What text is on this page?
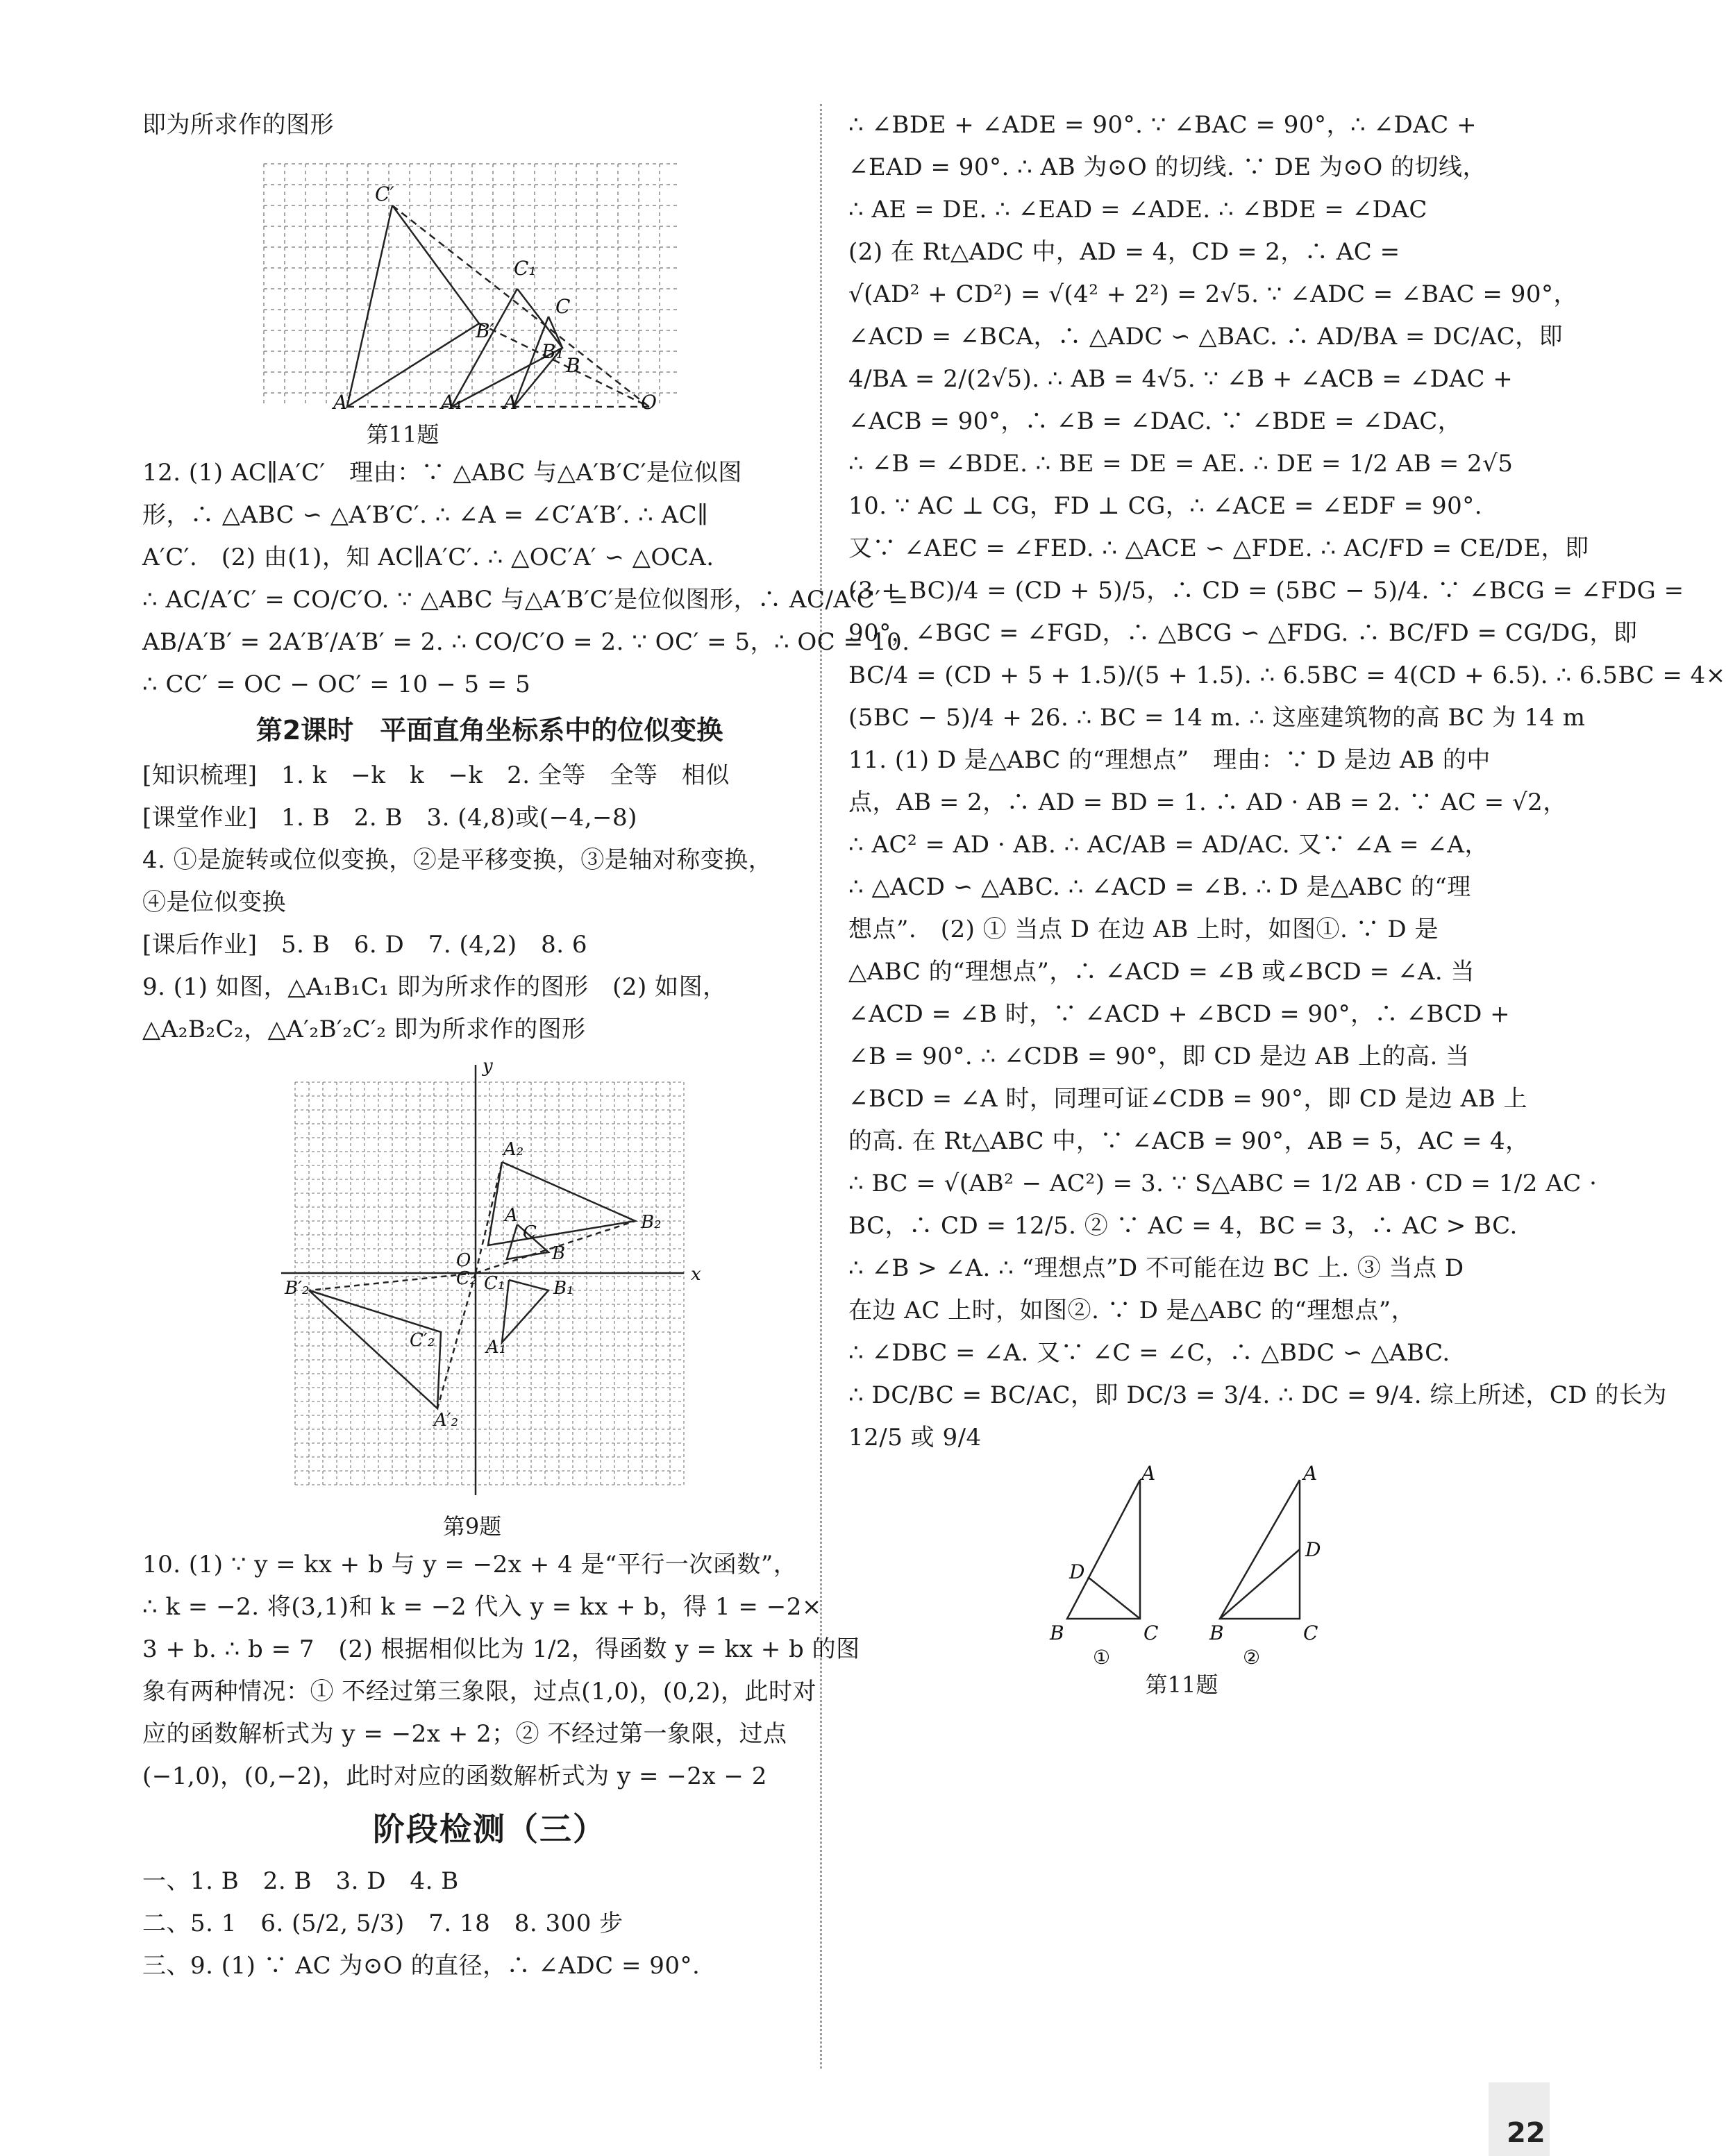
即为所求作的图形
C′
C₁
C
B′
B₁
B
A′	A₁ A	O
第11题
12. (1) AC∥A′C′　理由：∵ △ABC 与△A′B′C′是位似图
形，∴ △ABC ∽ △A′B′C′. ∴ ∠A = ∠C′A′B′. ∴ AC∥
A′C′.　(2) 由(1)，知 AC∥A′C′. ∴ △OC′A′ ∽ △OCA.
∴ AC/A′C′ = CO/C′O. ∵ △ABC 与△A′B′C′是位似图形，∴ AC/A′C′ =
AB/A′B′ = 2A′B′/A′B′ = 2. ∴ CO/C′O = 2. ∵ OC′ = 5，∴ OC = 10.
∴ CC′ = OC − OC′ = 10 − 5 = 5
第2课时　平面直角坐标系中的位似变换
[知识梳理]　1. k　−k　k　−k　2. 全等　全等　相似
[课堂作业]　1. B　2. B　3. (4,8)或(−4,−8)
4. ①是旋转或位似变换，②是平移变换，③是轴对称变换，
④是位似变换
[课后作业]　5. B　6. D　7. (4,2)　8. 6
9. (1) 如图，△A₁B₁C₁ 即为所求作的图形　(2) 如图，
△A₂B₂C₂，△A′₂B′₂C′₂ 即为所求作的图形
x
y
A₂
A
C	B₂
O	B
B′₂	C₁	B₁
C′₂	A₁
A′₂
C₂
第9题
10. (1) ∵ y = kx + b 与 y = −2x + 4 是“平行一次函数”，
∴ k = −2. 将(3,1)和 k = −2 代入 y = kx + b，得 1 = −2×
3 + b. ∴ b = 7　(2) 根据相似比为 1/2，得函数 y = kx + b 的图
象有两种情况：① 不经过第三象限，过点(1,0)，(0,2)，此时对
应的函数解析式为 y = −2x + 2；② 不经过第一象限，过点
(−1,0)，(0,−2)，此时对应的函数解析式为 y = −2x − 2
阶段检测（三）
一、1. B　2. B　3. D　4. B
二、5. 1　6. (5/2, 5/3)　7. 18　8. 300 步
三、9. (1) ∵ AC 为⊙O 的直径，∴ ∠ADC = 90°.
∴ ∠BDE + ∠ADE = 90°. ∵ ∠BAC = 90°，∴ ∠DAC +
∠EAD = 90°. ∴ AB 为⊙O 的切线. ∵ DE 为⊙O 的切线，
∴ AE = DE. ∴ ∠EAD = ∠ADE. ∴ ∠BDE = ∠DAC
(2) 在 Rt△ADC 中，AD = 4，CD = 2，∴ AC =
√(AD² + CD²) = √(4² + 2²) = 2√5. ∵ ∠ADC = ∠BAC = 90°，
∠ACD = ∠BCA，∴ △ADC ∽ △BAC. ∴ AD/BA = DC/AC，即
4/BA = 2/(2√5). ∴ AB = 4√5. ∵ ∠B + ∠ACB = ∠DAC +
∠ACB = 90°，∴ ∠B = ∠DAC. ∵ ∠BDE = ∠DAC，
∴ ∠B = ∠BDE. ∴ BE = DE = AE. ∴ DE = 1/2 AB = 2√5
10. ∵ AC ⊥ CG，FD ⊥ CG，∴ ∠ACE = ∠EDF = 90°.
又∵ ∠AEC = ∠FED. ∴ △ACE ∽ △FDE. ∴ AC/FD = CE/DE，即
(3 + BC)/4 = (CD + 5)/5，∴ CD = (5BC − 5)/4. ∵ ∠BCG = ∠FDG =
90°，∠BGC = ∠FGD，∴ △BCG ∽ △FDG. ∴ BC/FD = CG/DG，即
BC/4 = (CD + 5 + 1.5)/(5 + 1.5). ∴ 6.5BC = 4(CD + 6.5). ∴ 6.5BC = 4×
(5BC − 5)/4 + 26. ∴ BC = 14 m. ∴ 这座建筑物的高 BC 为 14 m
11. (1) D 是△ABC 的“理想点”　理由：∵ D 是边 AB 的中
点，AB = 2，∴ AD = BD = 1. ∴ AD · AB = 2. ∵ AC = √2，
∴ AC² = AD · AB. ∴ AC/AB = AD/AC. 又∵ ∠A = ∠A，
∴ △ACD ∽ △ABC. ∴ ∠ACD = ∠B. ∴ D 是△ABC 的“理
想点”.　(2) ① 当点 D 在边 AB 上时，如图①. ∵ D 是
△ABC 的“理想点”，∴ ∠ACD = ∠B 或∠BCD = ∠A. 当
∠ACD = ∠B 时，∵ ∠ACD + ∠BCD = 90°，∴ ∠BCD +
∠B = 90°. ∴ ∠CDB = 90°，即 CD 是边 AB 上的高. 当
∠BCD = ∠A 时，同理可证∠CDB = 90°，即 CD 是边 AB 上
的高. 在 Rt△ABC 中，∵ ∠ACB = 90°，AB = 5，AC = 4，
∴ BC = √(AB² − AC²) = 3. ∵ S△ABC = 1/2 AB · CD = 1/2 AC ·
BC，∴ CD = 12/5. ② ∵ AC = 4，BC = 3，∴ AC > BC.
∴ ∠B > ∠A. ∴ “理想点”D 不可能在边 BC 上. ③ 当点 D
在边 AC 上时，如图②. ∵ D 是△ABC 的“理想点”，
∴ ∠DBC = ∠A. 又∵ ∠C = ∠C，∴ △BDC ∽ △ABC.
∴ DC/BC = BC/AC，即 DC/3 = 3/4. ∴ DC = 9/4. 综上所述，CD 的长为
12/5 或 9/4
A
D
B	C
A
D
B	C
①	②
第11题
22
